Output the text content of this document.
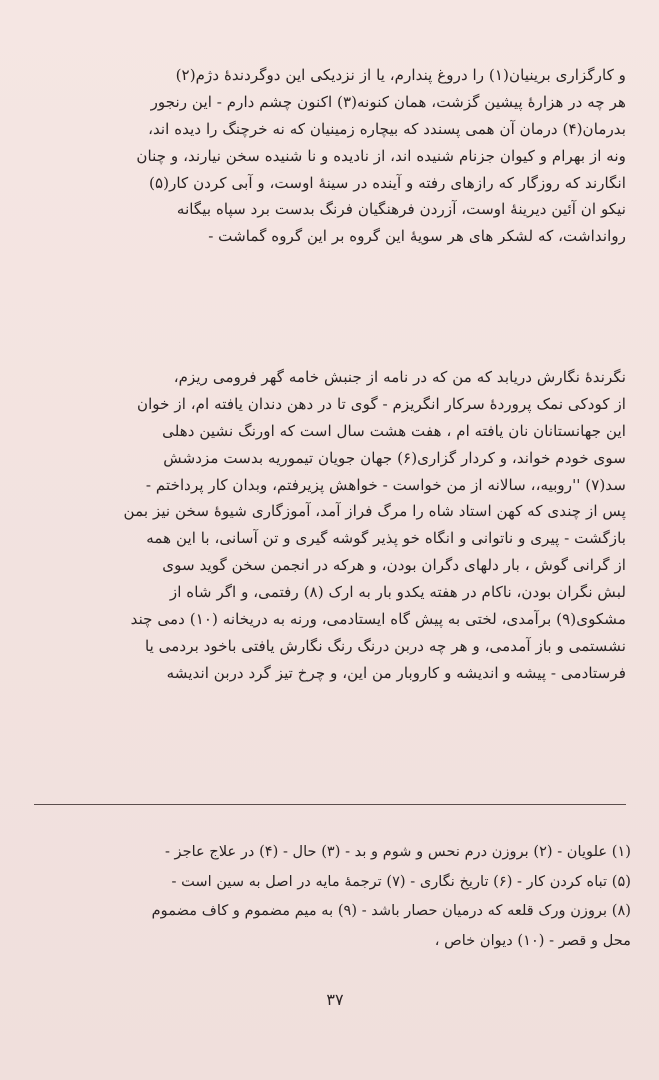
و کارگزاری برینیان(۱) را دروغ پندارم، یا از نزدیکی این دوگردندهٔ دژم(۲)
هر چه در هزارهٔ پیشین گزشت، همان کنونه(۳) اکنون چشم دارم - این رنجور
بدرمان(۴) درمان آن همی پسندد که بیچاره زمینیان که نه خرچنگ را دیده اند،
ونه از بهرام و کیوان جزنام شنیده اند، از نادیده و نا شنیده سخن نیارند، و چنان
انگارند که روزگار که رازهای رفته و آینده در سینهٔ اوست، و آبی کردن کار(۵)
نیکو ان آئین دیرینهٔ اوست، آزردن فرهنگیان فرنگ بدست برد سپاه بیگانه
روانداشت، که لشکر های هر سویهٔ این گروه بر این گروه گماشت -
نگرندهٔ نگارش دریابد که من که در نامه از جنبش خامه گهر فرومی ریزم،
از کودکی نمک پروردهٔ سرکار انگریزم - گوی تا در دهن دندان یافته ام، از خوان
این جهانستانان نان یافته ام ، هفت هشت سال است که اورنگ نشین دهلی
سوی خودم خواند، و کردار گزاری(۶) جهان جویان تیموریه بدست مزدشش
سد(۷) ''روبیه،، سالانه از من خواست - خواهش پزیرفتم، وبدان کار پرداختم -
پس از چندی که کهن استاد شاه را مرگ فراز آمد، آموزگاری شیوهٔ سخن نیز بمن
بازگشت - پیری و ناتوانی و انگاه خو پذیر گوشه گیری و تن آسانی، با این همه
از گرانی گوش ، بار دلهای دگران بودن، و هرکه در انجمن سخن گوید سوی
لبش نگران بودن، ناکام در هفته یکدو بار به ارک (۸) رفتمی، و اگر شاه از
مشکوی(۹) برآمدی، لختی به پیش گاه ایستادمی، ورنه به دریخانه (۱۰) دمی چند
نشستمی و باز آمدمی، و هر چه دربن درنگ رنگ نگارش یافتی باخود بردمی یا
فرستادمی - پیشه و اندیشه و کاروبار من این، و چرخ تیز گرد دربن اندیشه
(۱) علویان - (۲) بروزن درم نحس و شوم و بد - (۳) حال - (۴) در علاج عاجز -
(۵) تباه کردن کار - (۶) تاریخ نگاری - (۷) ترجمهٔ مایه در اصل به سین است -
(۸) بروزن ورک قلعه که درمیان حصار باشد - (۹) به میم مضموم و کاف مضموم
محل و قصر - (۱۰) دیوان خاص ،
۳۷
